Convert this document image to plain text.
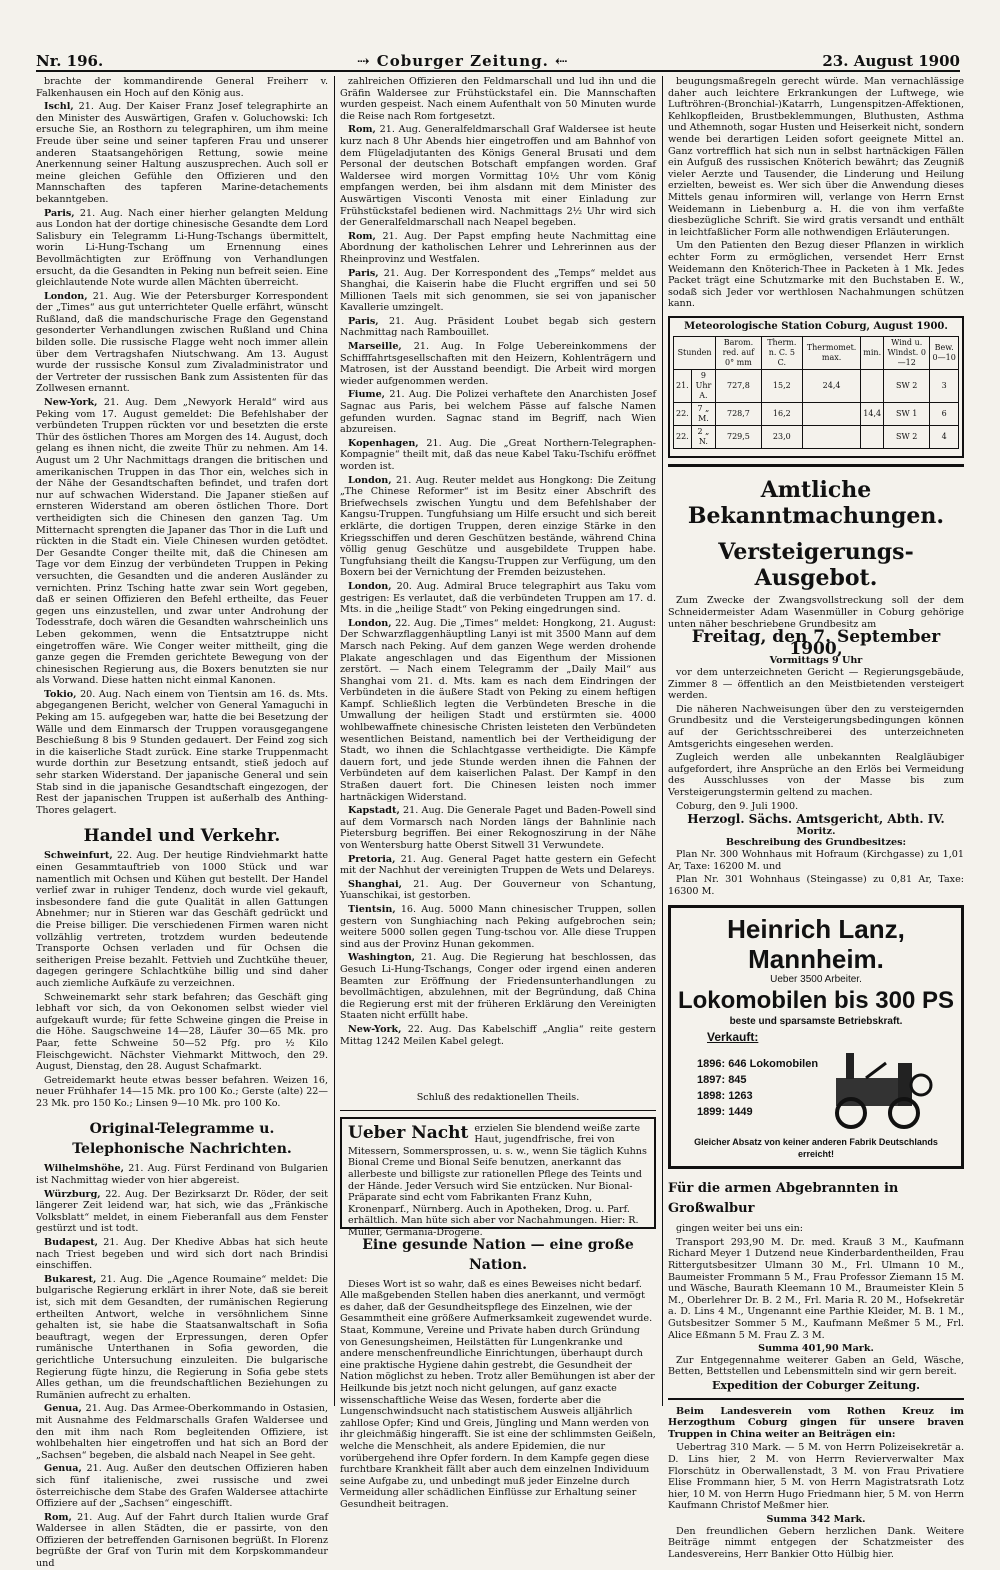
Nr. 196.	⇢ Coburger Zeitung. ⇠	23. August 1900

brachte der kommandirende General Freiherr v. Falkenhausen ein Hoch auf den König aus.

Ischl, 21. Aug. Der Kaiser Franz Josef telegraphirte an den Minister des Auswärtigen, Grafen v. Goluchowski: Ich ersuche Sie, an Rosthorn zu telegraphiren, um ihm meine Freude über seine und seiner tapferen Frau und unserer anderen Staatsangehörigen Rettung, sowie meine Anerkennung seiner Haltung auszusprechen. Auch soll er meine gleichen Gefühle den Offizieren und den Mannschaften des tapferen Marine-detachements bekanntgeben.

Paris, 21. Aug. Nach einer hierher gelangten Meldung aus London hat der dortige chinesische Gesandte dem Lord Salisbury ein Telegramm Li-Hung-Tschangs übermittelt, worin Li-Hung-Tschang um Ernennung eines Bevollmächtigten zur Eröffnung von Verhandlungen ersucht, da die Gesandten in Peking nun befreit seien. Eine gleichlautende Note wurde allen Mächten überreicht.

London, 21. Aug. Wie der Petersburger Korrespondent der „Times“ aus gut unterrichteter Quelle erfährt, wünscht Rußland, daß die mandschurische Frage den Gegenstand gesonderter Verhandlungen zwischen Rußland und China bilden solle. Die russische Flagge weht noch immer allein über dem Vertragshafen Niutschwang. Am 13. August wurde der russische Konsul zum Zivaladministrator und der Vertreter der russischen Bank zum Assistenten für das Zollwesen ernannt.

New-York, 21. Aug. Dem „Newyork Herald“ wird aus Peking vom 17. August gemeldet: Die Befehlshaber der verbündeten Truppen rückten vor und besetzten die erste Thür des östlichen Thores am Morgen des 14. August, doch gelang es ihnen nicht, die zweite Thür zu nehmen. Am 14. August um 2 Uhr Nachmittags drangen die britischen und amerikanischen Truppen in das Thor ein, welches sich in der Nähe der Gesandtschaften befindet, und trafen dort nur auf schwachen Widerstand. Die Japaner stießen auf ernsteren Widerstand am oberen östlichen Thore. Dort vertheidigten sich die Chinesen den ganzen Tag. Um Mitternacht sprengten die Japaner das Thor in die Luft und rückten in die Stadt ein. Viele Chinesen wurden getödtet. Der Gesandte Conger theilte mit, daß die Chinesen am Tage vor dem Einzug der verbündeten Truppen in Peking versuchten, die Gesandten und die anderen Ausländer zu vernichten. Prinz Tsching hatte zwar sein Wort gegeben, daß er seinen Offizieren den Befehl ertheilte, das Feuer gegen uns einzustellen, und zwar unter Androhung der Todesstrafe, doch wären die Gesandten wahrscheinlich uns Leben gekommen, wenn die Entsatztruppe nicht eingetroffen wäre. Wie Conger weiter mittheilt, ging die ganze gegen die Fremden gerichtete Bewegung von der chinesischen Regierung aus, die Boxers benutzten sie nur als Vorwand. Diese hatten nicht einmal Kanonen.

Tokio, 20. Aug. Nach einem von Tientsin am 16. ds. Mts. abgegangenen Bericht, welcher von General Yamaguchi in Peking am 15. aufgegeben war, hatte die bei Besetzung der Wälle und dem Einmarsch der Truppen vorausgegangene Beschießung 8 bis 9 Stunden gedauert. Der Feind zog sich in die kaiserliche Stadt zurück. Eine starke Truppenmacht wurde dorthin zur Besetzung entsandt, stieß jedoch auf sehr starken Widerstand. Der japanische General und sein Stab sind in die japanische Gesandtschaft eingezogen, der Rest der japanischen Truppen ist außerhalb des Anthing-Thores gelagert.

Handel und Verkehr.

Schweinfurt, 22. Aug. Der heutige Rindviehmarkt hatte einen Gesammtauftrieb von 1000 Stück und war namentlich mit Ochsen und Kühen gut bestellt. Der Handel verlief zwar in ruhiger Tendenz, doch wurde viel gekauft, insbesondere fand die gute Qualität in allen Gattungen Abnehmer; nur in Stieren war das Geschäft gedrückt und die Preise billiger. Die verschiedenen Firmen waren nicht vollzählig vertreten, trotzdem wurden bedeutende Transporte Ochsen verladen und für Ochsen die seitherigen Preise bezahlt. Fettvieh und Zuchtkühe theuer, dagegen geringere Schlachtkühe billig und sind daher auch ziemliche Aufkäufe zu verzeichnen.

Schweinemarkt sehr stark befahren; das Geschäft ging lebhaft vor sich, da von Oekonomen selbst wieder viel aufgekauft wurde; für fette Schweine gingen die Preise in die Höhe. Saugschweine 14—28, Läufer 30—65 Mk. pro Paar, fette Schweine 50—52 Pfg. pro ½ Kilo Fleischgewicht. Nächster Viehmarkt Mittwoch, den 29. August, Dienstag, den 28. August Schafmarkt.

Getreidemarkt heute etwas besser befahren. Weizen 16, neuer Frühhafer 14—15 Mk. pro 100 Ko.; Gerste (alte) 22—23 Mk. pro 150 Ko.; Linsen 9—10 Mk. pro 100 Ko.

Original-Telegramme u. Telephonische Nachrichten.

Wilhelmshöhe, 21. Aug. Fürst Ferdinand von Bulgarien ist Nachmittag wieder von hier abgereist.

Würzburg, 22. Aug. Der Bezirksarzt Dr. Röder, der seit längerer Zeit leidend war, hat sich, wie das „Fränkische Volksblatt“ meldet, in einem Fieberanfall aus dem Fenster gestürzt und ist todt.

Budapest, 21. Aug. Der Khedive Abbas hat sich heute nach Triest begeben und wird sich dort nach Brindisi einschiffen.

Bukarest, 21. Aug. Die „Agence Roumaine“ meldet: Die bulgarische Regierung erklärt in ihrer Note, daß sie bereit ist, sich mit dem Gesandten, der rumänischen Regierung ertheilten Antwort, welche in versöhnlichem Sinne gehalten ist, sie habe die Staatsanwaltschaft in Sofia beauftragt, wegen der Erpressungen, deren Opfer rumänische Unterthanen in Sofia geworden, die gerichtliche Untersuchung einzuleiten. Die bulgarische Regierung fügte hinzu, die Regierung in Sofia gebe stets Alles gethan, um die freundschaftlichen Beziehungen zu Rumänien aufrecht zu erhalten.

Genua, 21. Aug. Das Armee-Oberkommando in Ostasien, mit Ausnahme des Feldmarschalls Grafen Waldersee und den mit ihm nach Rom begleitenden Offiziere, ist wohlbehalten hier eingetroffen und hat sich an Bord der „Sachsen“ begeben, die alsbald nach Neapel in See geht.

Genua, 21. Aug. Außer den deutschen Offizieren haben sich fünf italienische, zwei russische und zwei österreichische dem Stabe des Grafen Waldersee attachirte Offiziere auf der „Sachsen“ eingeschifft.

Rom, 21. Aug. Auf der Fahrt durch Italien wurde Graf Waldersee in allen Städten, die er passirte, von den Offizieren der betreffenden Garnisonen begrüßt. In Florenz begrüßte der Graf von Turin mit dem Korpskommandeur und

zahlreichen Offizieren den Feldmarschall und lud ihn und die Gräfin Waldersee zur Frühstückstafel ein. Die Mannschaften wurden gespeist. Nach einem Aufenthalt von 50 Minuten wurde die Reise nach Rom fortgesetzt.

Rom, 21. Aug. Generalfeldmarschall Graf Waldersee ist heute kurz nach 8 Uhr Abends hier eingetroffen und am Bahnhof von dem Flügeladjutanten des Königs General Brusati und dem Personal der deutschen Botschaft empfangen worden. Graf Waldersee wird morgen Vormittag 10½ Uhr vom König empfangen werden, bei ihm alsdann mit dem Minister des Auswärtigen Visconti Venosta mit einer Einladung zur Frühstückstafel bedienen wird. Nachmittags 2½ Uhr wird sich der Generalfeldmarschall nach Neapel begeben.

Rom, 21. Aug. Der Papst empfing heute Nachmittag eine Abordnung der katholischen Lehrer und Lehrerinnen aus der Rheinprovinz und Westfalen.

Paris, 21. Aug. Der Korrespondent des „Temps“ meldet aus Shanghai, die Kaiserin habe die Flucht ergriffen und sei 50 Millionen Taels mit sich genommen, sie sei von japanischer Kavallerie umzingelt.

Paris, 21. Aug. Präsident Loubet begab sich gestern Nachmittag nach Rambouillet.

Marseille, 21. Aug. In Folge Uebereinkommens der Schifffahrtsgesellschaften mit den Heizern, Kohlenträgern und Matrosen, ist der Ausstand beendigt. Die Arbeit wird morgen wieder aufgenommen werden.

Fiume, 21. Aug. Die Polizei verhaftete den Anarchisten Josef Sagnac aus Paris, bei welchem Pässe auf falsche Namen gefunden wurden. Sagnac stand im Begriff, nach Wien abzureisen.

Kopenhagen, 21. Aug. Die „Great Northern-Telegraphen-Kompagnie“ theilt mit, daß das neue Kabel Taku-Tschifu eröffnet worden ist.

London, 21. Aug. Reuter meldet aus Hongkong: Die Zeitung „The Chinese Reformer“ ist im Besitz einer Abschrift des Briefwechsels zwischen Yungtu und dem Befehlshaber der Kangsu-Truppen. Tungfuhsiang um Hilfe ersucht und sich bereit erklärte, die dortigen Truppen, deren einzige Stärke in den Kriegsschiffen und deren Geschützen bestände, während China völlig genug Geschütze und ausgebildete Truppen habe. Tungfuhsiang theilt die Kangsu-Truppen zur Verfügung, um den Boxern bei der Vernichtung der Fremden beizustehen.

London, 20. Aug. Admiral Bruce telegraphirt aus Taku vom gestrigen: Es verlautet, daß die verbündeten Truppen am 17. d. Mts. in die „heilige Stadt“ von Peking eingedrungen sind.

London, 22. Aug. Die „Times“ meldet: Hongkong, 21. August: Der Schwarzflaggenhäuptling Lanyi ist mit 3500 Mann auf dem Marsch nach Peking. Auf dem ganzen Wege werden drohende Plakate angeschlagen und das Eigenthum der Missionen zerstört. — Nach einem Telegramm der „Daily Mail“ aus Shanghai vom 21. d. Mts. kam es nach dem Eindringen der Verbündeten in die äußere Stadt von Peking zu einem heftigen Kampf. Schließlich legten die Verbündeten Bresche in die Umwallung der heiligen Stadt und erstürmten sie. 4000 wohlbewaffnete chinesische Christen leisteten den Verbündeten wesentlichen Beistand, namentlich bei der Vertheidigung der Stadt, wo ihnen die Schlachtgasse vertheidigte. Die Kämpfe dauern fort, und jede Stunde werden ihnen die Fahnen der Verbündeten auf dem kaiserlichen Palast. Der Kampf in den Straßen dauert fort. Die Chinesen leisten noch immer hartnäckigen Widerstand.

Kapstadt, 21. Aug. Die Generale Paget und Baden-Powell sind auf dem Vormarsch nach Norden längs der Bahnlinie nach Pietersburg begriffen. Bei einer Rekognoszirung in der Nähe von Wentersburg hatte Oberst Sitwell 31 Verwundete.

Pretoria, 21. Aug. General Paget hatte gestern ein Gefecht mit der Nachhut der vereinigten Truppen de Wets und Delareys.

Shanghai, 21. Aug. Der Gouverneur von Schantung, Yuanschikai, ist gestorben.

Tientsin, 16. Aug. 5000 Mann chinesischer Truppen, sollen gestern von Sunghiaching nach Peking aufgebrochen sein; weitere 5000 sollen gegen Tung-tschou vor. Alle diese Truppen sind aus der Provinz Hunan gekommen.

Washington, 21. Aug. Die Regierung hat beschlossen, das Gesuch Li-Hung-Tschangs, Conger oder irgend einen anderen Beamten zur Eröffnung der Friedensunterhandlungen zu bevollmächtigen, abzulehnen, mit der Begründung, daß China die Regierung erst mit der früheren Erklärung den Vereinigten Staaten nicht erfüllt habe.

New-York, 22. Aug. Das Kabelschiff „Anglia“ reite gestern Mittag 1242 Meilen Kabel gelegt.

Schluß des redaktionellen Theils.

Ueber Nacht erzielen Sie blendend weiße zarte Haut, jugendfrische, frei von Mitessern, Sommersprossen, u. s. w., wenn Sie täglich Kuhns Bional Creme und Bional Seife benutzen, anerkannt das allerbeste und billigste zur rationellen Pflege des Teints und der Hände. Jeder Versuch wird Sie entzücken. Nur Bional-Präparate sind echt vom Fabrikanten Franz Kuhn, Kronenparf., Nürnberg. Auch in Apotheken, Drog. u. Parf. erhältlich. Man hüte sich aber vor Nachahmungen. Hier: R. Müller, Germania-Drogerie.
Eine gesunde Nation — eine große Nation.

Dieses Wort ist so wahr, daß es eines Beweises nicht bedarf. Alle maßgebenden Stellen haben dies anerkannt, und vermögt es daher, daß der Gesundheitspflege des Einzelnen, wie der Gesammtheit eine größere Aufmerksamkeit zugewendet wurde. Staat, Kommune, Vereine und Private haben durch Gründung von Genesungsheimen, Heilstätten für Lungenkranke und andere menschenfreundliche Einrichtungen, überhaupt durch eine praktische Hygiene dahin gestrebt, die Gesundheit der Nation möglichst zu heben. Trotz aller Bemühungen ist aber der Heilkunde bis jetzt noch nicht gelungen, auf ganz exacte wissenschaftliche Weise das Wesen, forderte aber die Lungenschwindsucht nach statistischem Ausweis alljährlich zahllose Opfer; Kind und Greis, Jüngling und Mann werden von ihr gleichmäßig hingerafft. Sie ist eine der schlimmsten Geißeln, welche die Menschheit, als andere Epidemien, die nur vorübergehend ihre Opfer fordern. In dem Kampfe gegen diese furchtbare Krankheit fällt aber auch dem einzelnen Individuum seine Aufgabe zu, und unbedingt muß jeder Einzelne durch Vermeidung aller schädlichen Einflüsse zur Erhaltung seiner Gesundheit beitragen.

beugungsmaßregeln gerecht würde. Man vernachlässige daher auch leichtere Erkrankungen der Luftwege, wie Luftröhren-(Bronchial-)Katarrh, Lungenspitzen-Affektionen, Kehlkopfleiden, Brustbeklemmungen, Bluthusten, Asthma und Athemnoth, sogar Husten und Heiserkeit nicht, sondern wende bei derartigen Leiden sofort geeignete Mittel an. Ganz vortrefflich hat sich nun in selbst hartnäckigen Fällen ein Aufguß des russischen Knöterich bewährt; das Zeugniß vieler Aerzte und Tausender, die Linderung und Heilung erzielten, beweist es. Wer sich über die Anwendung dieses Mittels genau informiren will, verlange von Herrn Ernst Weidemann in Liebenburg a. H. die von ihm verfaßte diesbezügliche Schrift. Sie wird gratis versandt und enthält in leichtfaßlicher Form alle nothwendigen Erläuterungen.

Um den Patienten den Bezug dieser Pflanzen in wirklich echter Form zu ermöglichen, versendet Herr Ernst Weidemann den Knöterich-Thee in Packeten à 1 Mk. Jedes Packet trägt eine Schutzmarke mit den Buchstaben E. W., sodaß sich Jeder vor werthlosen Nachahmungen schützen kann.

Meteorologische Station Coburg, August 1900.
Stunden		Barom. red. auf 0° mm	Therm. n. C. 5 C.	Thermomet. max.	min.	Wind u. Windst. 0—12	Bew. 0—10
21.	9 Uhr A.	727,8	15,2	24,4		SW 2	3
22.	7 „ M.	728,7	16,2		14,4	SW 1	6
22.	2 „ N.	729,5	23,0			SW 2	4
Amtliche Bekanntmachungen.
Versteigerungs-Ausgebot.

Zum Zwecke der Zwangsvollstreckung soll der dem Schneidermeister Adam Wasenmüller in Coburg gehörige unten näher beschriebene Grundbesitz am

Freitag, den 7. September 1900,
Vormittags 9 Uhr

vor dem unterzeichneten Gericht — Regierungsgebäude, Zimmer 8 — öffentlich an den Meistbietenden versteigert werden.

Die näheren Nachweisungen über den zu versteigernden Grundbesitz und die Versteigerungsbedingungen können auf der Gerichtsschreiberei des unterzeichneten Amtsgerichts eingesehen werden.

Zugleich werden alle unbekannten Realgläubiger aufgefordert, ihre Ansprüche an den Erlös bei Vermeidung des Ausschlusses von der Masse bis zum Versteigerungstermin geltend zu machen.

Coburg, den 9. Juli 1900.

Herzogl. Sächs. Amtsgericht, Abth. IV.
Moritz.
Beschreibung des Grundbesitzes:

Plan Nr. 300 Wohnhaus mit Hofraum (Kirchgasse) zu 1,01 Ar, Taxe: 16200 M. und

Plan Nr. 301 Wohnhaus (Steingasse) zu 0,81 Ar, Taxe: 16300 M.

Heinrich Lanz, Mannheim.
Ueber 3500 Arbeiter.
Lokomobilen bis 300 PS
beste und sparsamste Betriebskraft.
Verkauft:
1896: 646 Lokomobilen
1897: 845
1898: 1263
1899: 1449
Gleicher Absatz von keiner anderen Fabrik Deutschlands erreicht!
Für die armen Abgebrannten in Großwalbur

gingen weiter bei uns ein:

Transport 293,90 M. Dr. med. Krauß 3 M., Kaufmann Richard Meyer 1 Dutzend neue Kinderbardentheilden, Frau Rittergutsbesitzer Ulmann 30 M., Frl. Ulmann 10 M., Baumeister Frommann 5 M., Frau Professor Ziemann 15 M. und Wäsche, Baurath Kleemann 10 M., Braumeister Klein 5 M., Oberlehrer Dr. B. 2 M., Frl. Maria R. 20 M., Hofsekretär a. D. Lins 4 M., Ungenannt eine Parthie Kleider, M. B. 1 M., Gutsbesitzer Sommer 5 M., Kaufmann Meßmer 5 M., Frl. Alice Eßmann 5 M. Frau Z. 3 M.

Summa 401,90 Mark.

Zur Entgegennahme weiterer Gaben an Geld, Wäsche, Betten, Bettstellen und Lebensmitteln sind wir gern bereit.

Expedition der Coburger Zeitung.

Beim Landesverein vom Rothen Kreuz im Herzogthum Coburg gingen für unsere braven Truppen in China weiter an Beiträgen ein:

Uebertrag 310 Mark. — 5 M. von Herrn Polizeisekretär a. D. Lins hier, 2 M. von Herrn Revierverwalter Max Florschütz in Oberwallenstadt, 3 M. von Frau Privatiere Elise Frommann hier, 5 M. von Herrn Magistratsrath Lotz hier, 10 M. von Herrn Hugo Friedmann hier, 5 M. von Herrn Kaufmann Christof Meßmer hier.

Summa 342 Mark.

Den freundlichen Gebern herzlichen Dank. Weitere Beiträge nimmt entgegen der Schatzmeister des Landesvereins, Herr Bankier Otto Hülbig hier.
